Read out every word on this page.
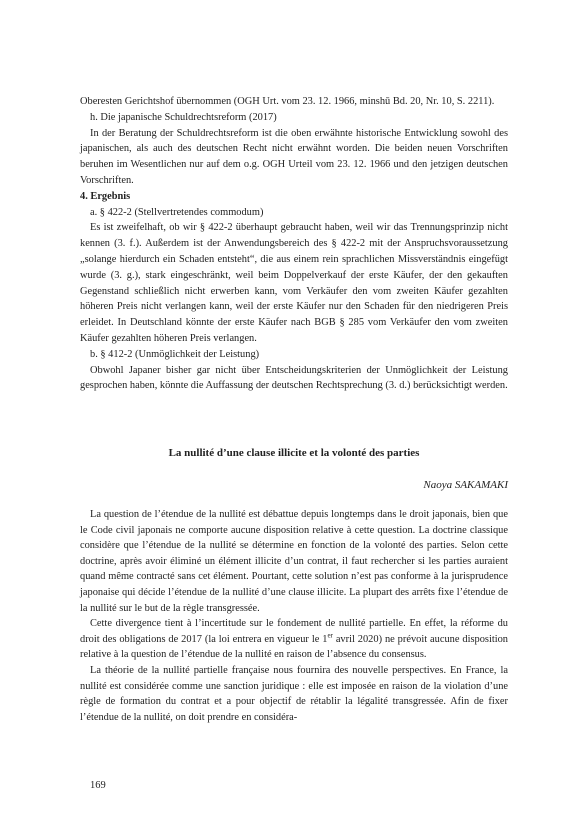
Oberesten Gerichtshof übernommen (OGH Urt. vom 23. 12. 1966, minshū Bd. 20, Nr. 10, S. 2211).

h. Die japanische Schuldrechtsreform (2017)

In der Beratung der Schuldrechtsreform ist die oben erwähnte historische Entwicklung sowohl des japanischen, als auch des deutschen Recht nicht erwähnt worden. Die beiden neuen Vorschriften beruhen im Wesentlichen nur auf dem o.g. OGH Urteil vom 23. 12. 1966 und den jetzigen deutschen Vorschriften.

4. Ergebnis

a. § 422-2 (Stellvertretendes commodum)

Es ist zweifelhaft, ob wir § 422-2 überhaupt gebraucht haben, weil wir das Trennungsprinzip nicht kennen (3. f.). Außerdem ist der Anwendungsbereich des § 422-2 mit der Anspruchsvoraussetzung „solange hierdurch ein Schaden entsteht“, die aus einem rein sprachlichen Missverständnis eingefügt wurde (3. g.), stark eingeschränkt, weil beim Doppelverkauf der erste Käufer, der den gekauften Gegenstand schließlich nicht erwerben kann, vom Verkäufer den vom zweiten Käufer gezahlten höheren Preis nicht verlangen kann, weil der erste Käufer nur den Schaden für den niedrigeren Preis erleidet. In Deutschland könnte der erste Käufer nach BGB § 285 vom Verkäufer den vom zweiten Käufer gezahlten höheren Preis verlangen.

b. § 412-2 (Unmöglichkeit der Leistung)

Obwohl Japaner bisher gar nicht über Entscheidungskriterien der Unmöglichkeit der Leistung gesprochen haben, könnte die Auffassung der deutschen Rechtsprechung (3. d.) berücksichtigt werden.

La nullité d’une clause illicite et la volonté des parties
Naoya SAKAMAKI

La question de l’étendue de la nullité est débattue depuis longtemps dans le droit japonais, bien que le Code civil japonais ne comporte aucune disposition relative à cette question. La doctrine classique considère que l’étendue de la nullité se détermine en fonction de la volonté des parties. Selon cette doctrine, après avoir éliminé un élément illicite d’un contrat, il faut rechercher si les parties auraient quand même contracté sans cet élément. Pourtant, cette solution n’est pas conforme à la jurisprudence japonaise qui décide l’étendue de la nullité d’une clause illicite. La plupart des arrêts fixe l’étendue de la nullité sur le but de la règle transgressée.

Cette divergence tient à l’incertitude sur le fondement de nullité partielle. En effet, la réforme du droit des obligations de 2017 (la loi entrera en vigueur le 1er avril 2020) ne prévoit aucune disposition relative à la question de l’étendue de la nullité en raison de l’absence du consensus.

La théorie de la nullité partielle française nous fournira des nouvelle perspectives. En France, la nullité est considérée comme une sanction juridique : elle est imposée en raison de la violation d’une règle de formation du contrat et a pour objectif de rétablir la légalité transgressée. Afin de fixer l’étendue de la nullité, on doit prendre en considéra-

169
